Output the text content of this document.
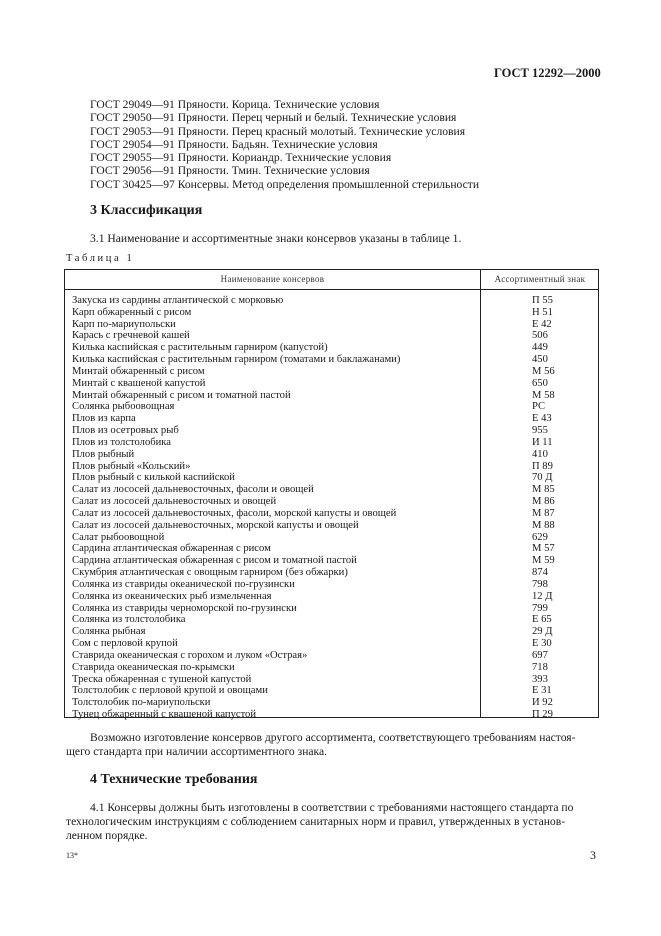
ГОСТ 12292—2000
ГОСТ 29049—91 Пряности. Корица. Технические условия
ГОСТ 29050—91 Пряности. Перец черный и белый. Технические условия
ГОСТ 29053—91 Пряности. Перец красный молотый. Технические условия
ГОСТ 29054—91 Пряности. Бадьян. Технические условия
ГОСТ 29055—91 Пряности. Кориандр. Технические условия
ГОСТ 29056—91 Пряности. Тмин. Технические условия
ГОСТ 30425—97 Консервы. Метод определения промышленной стерильности
3 Классификация
3.1 Наименование и ассортиментные знаки консервов указаны в таблице 1.
Таблица 1
Наименование консервов	Ассортиментный знак
Закуска из сардины атлантической с морковью	П 55
Карп обжаренный с рисом	Н 51
Карп по-мариупольски	Е 42
Карась с гречневой кашей	506
Килька каспийская с растительным гарниром (капустой)	449
Килька каспийская с растительным гарниром (томатами и баклажанами)	450
Минтай обжаренный с рисом	М 56
Минтай с квашеной капустой	650
Минтай обжаренный с рисом и томатной пастой	М 58
Солянка рыбоовощная	РС
Плов из карпа	Е 43
Плов из осетровых рыб	955
Плов из толстолобика	И 11
Плов рыбный	410
Плов рыбный «Кольский»	П 89
Плов рыбный с килькой каспийской	70 Д
Салат из лососей дальневосточных, фасоли и овощей	М 85
Салат из лососей дальневосточных и овощей	М 86
Салат из лососей дальневосточных, фасоли, морской капусты и овощей	М 87
Салат из лососей дальневосточных, морской капусты и овощей	М 88
Салат рыбоовощной	629
Сардина атлантическая обжаренная с рисом	М 57
Сардина атлантическая обжаренная с рисом и томатной пастой	М 59
Скумбрия атлантическая с овощным гарниром (без обжарки)	874
Солянка из ставриды океанической по-грузински	798
Солянка из океанических рыб измельченная	12 Д
Солянка из ставриды черноморской по-грузински	799
Солянка из толстолобика	Е 65
Солянка рыбная	29 Д
Сом с перловой крупой	Е 30
Ставрида океаническая с горохом и луком «Острая»	697
Ставрида океаническая по-крымски	718
Треска обжаренная с тушеной капустой	393
Толстолобик с перловой крупой и овощами	Е 31
Толстолобик по-мариупольски	И 92
Тунец обжаренный с квашеной капустой	П 29
Возможно изготовление консервов другого ассортимента, соответствующего требованиям настоя-
щего стандарта при наличии ассортиментного знака.
4 Технические требования
4.1 Консервы должны быть изготовлены в соответствии с требованиями настоящего стандарта по
технологическим инструкциям с соблюдением санитарных норм и правил, утвержденных в установ-
ленном порядке.
13*	3
